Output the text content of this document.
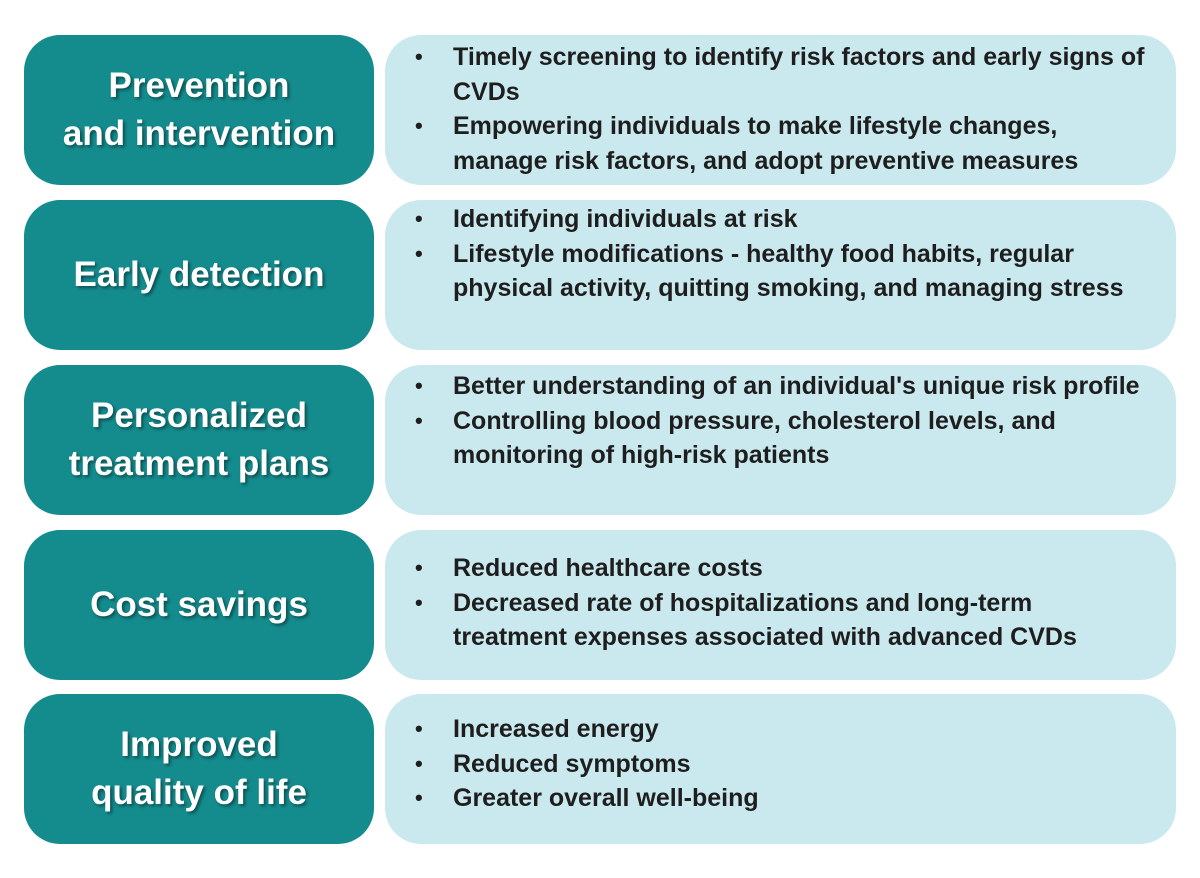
Prevention
and intervention
• Timely screening to identify risk factors and early signs of CVDs
• Empowering individuals to make lifestyle changes, manage risk factors, and adopt preventive measures
Early detection
• Identifying individuals at risk
• Lifestyle modifications - healthy food habits, regular physical activity, quitting smoking, and managing stress
Personalized
treatment plans
• Better understanding of an individual's unique risk profile
• Controlling blood pressure, cholesterol levels, and monitoring of high-risk patients
Cost savings
• Reduced healthcare costs
• Decreased rate of hospitalizations and long-term treatment expenses associated with advanced CVDs
Improved
quality of life
• Increased energy
• Reduced symptoms
• Greater overall well-being
